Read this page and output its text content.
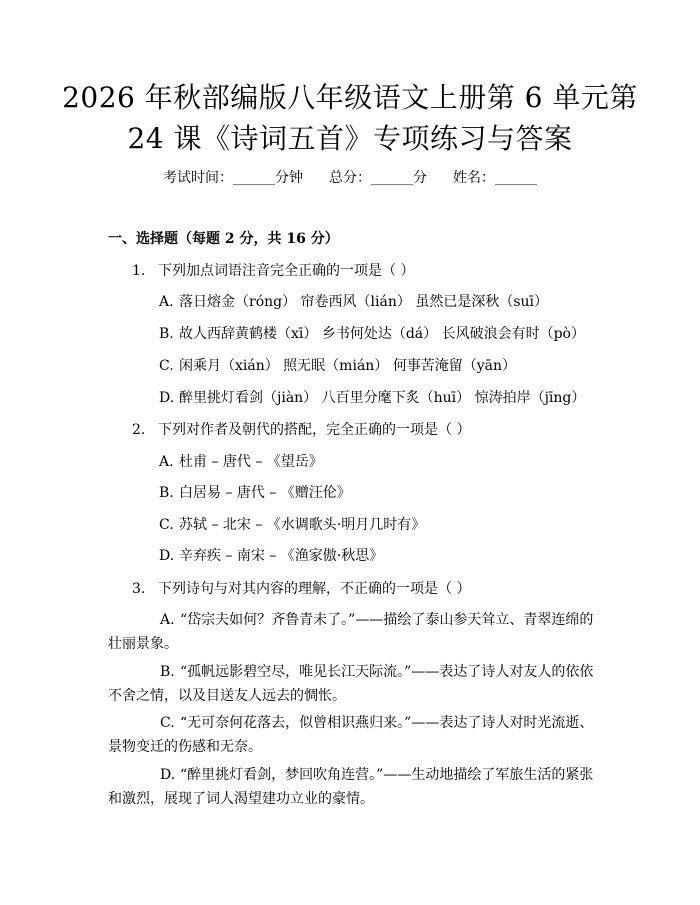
2026 年秋部编版八年级语文上册第 6 单元第
24 课《诗词五首》专项练习与答案
考试时间：______分钟 总分：______分 姓名：______
一、选择题（每题 2 分，共 16 分）
1. 下列加点词语注音完全正确的一项是（ ）
A. 落日熔金（róng） 帘卷西风（lián） 虽然已是深秋（suī）
B. 故人西辞黄鹤楼（xī） 乡书何处达（dá） 长风破浪会有时（pò）
C. 闲乘月（xián） 照无眠（mián） 何事苦淹留（yān）
D. 醉里挑灯看剑（jiàn） 八百里分麾下炙（huī） 惊涛拍岸（jīng）
2. 下列对作者及朝代的搭配，完全正确的一项是（ ）
A. 杜甫 – 唐代 – 《望岳》
B. 白居易 – 唐代 – 《赠汪伦》
C. 苏轼 – 北宋 – 《水调歌头·明月几时有》
D. 辛弃疾 – 南宋 – 《渔家傲·秋思》
3. 下列诗句与对其内容的理解，不正确的一项是（ ）
A. “岱宗夫如何？齐鲁青未了。”——描绘了泰山参天耸立、青翠连绵的壮丽景象。
B. “孤帆远影碧空尽，唯见长江天际流。”——表达了诗人对友人的依依不舍之情，以及目送友人远去的惆怅。
C. “无可奈何花落去，似曾相识燕归来。”——表达了诗人对时光流逝、景物变迁的伤感和无奈。
D. “醉里挑灯看剑，梦回吹角连营。”——生动地描绘了军旅生活的紧张和激烈，展现了词人渴望建功立业的豪情。
